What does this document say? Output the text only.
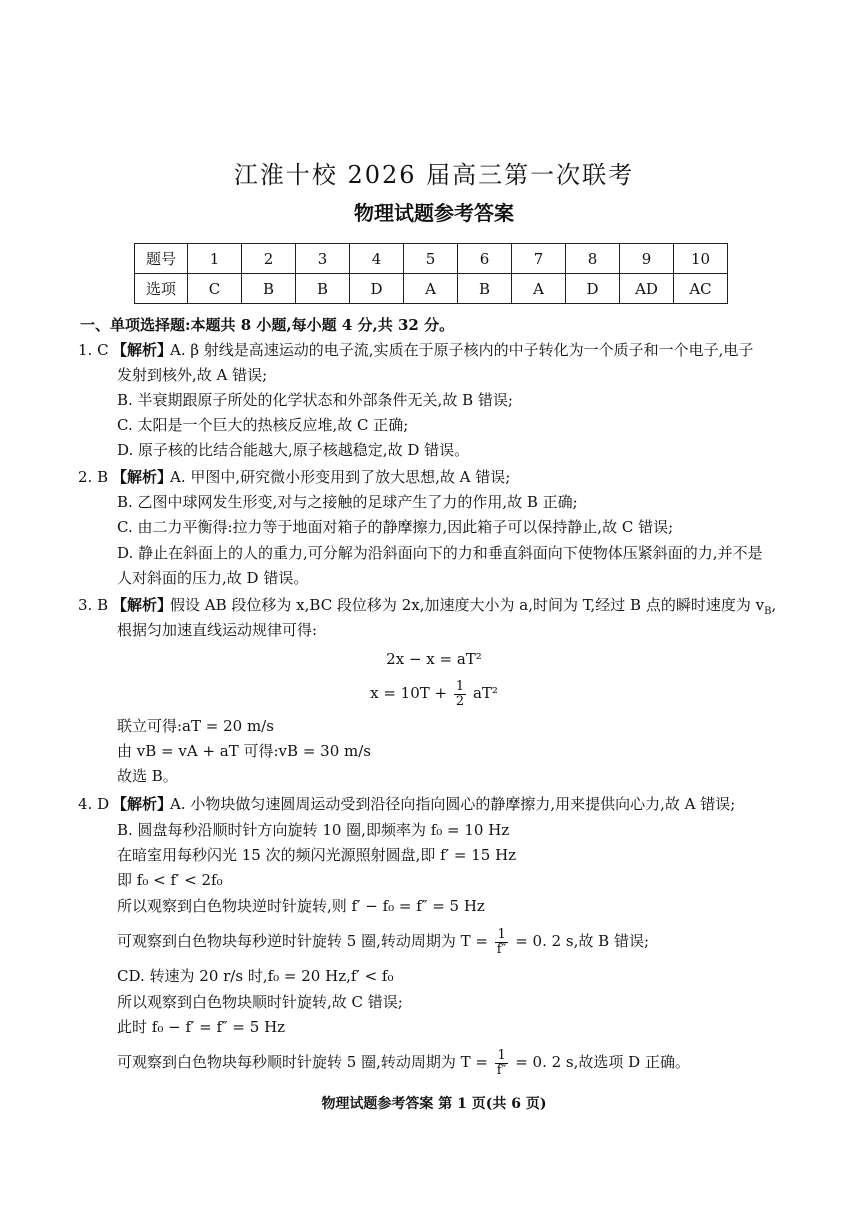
江淮十校 2026 届高三第一次联考
物理试题参考答案
题号	1	2	3	4	5	6	7	8	9	10
选项	C	B	B	D	A	B	A	D	AD	AC
一、单项选择题:本题共 8 小题,每小题 4 分,共 32 分。
1. C 【解析】
A. β 射线是高速运动的电子流,实质在于原子核内的中子转化为一个质子和一个电子,电子
发射到核外,故 A 错误;
B. 半衰期跟原子所处的化学状态和外部条件无关,故 B 错误;
C. 太阳是一个巨大的热核反应堆,故 C 正确;
D. 原子核的比结合能越大,原子核越稳定,故 D 错误。
2. B 【解析】
A. 甲图中,研究微小形变用到了放大思想,故 A 错误;
B. 乙图中球网发生形变,对与之接触的足球产生了力的作用,故 B 正确;
C. 由二力平衡得:拉力等于地面对箱子的静摩擦力,因此箱子可以保持静止,故 C 错误;
D. 静止在斜面上的人的重力,可分解为沿斜面向下的力和垂直斜面向下使物体压紧斜面的力,并不是
人对斜面的压力,故 D 错误。
3. B 【解析】
假设 AB 段位移为 x,BC 段位移为 2x,加速度大小为 a,时间为 T,经过 B 点的瞬时速度为 $v_B$,
根据匀加速直线运动规律可得:
2x − x = aT²
$x = 10T + \frac{1}{2} aT^2$
联立可得:aT = 20 m/s
由 vB = vA + aT 可得:vB = 30 m/s
故选 B。
4. D 【解析】
A. 小物块做匀速圆周运动受到沿径向指向圆心的静摩擦力,用来提供向心力,故 A 错误;
B. 圆盘每秒沿顺时针方向旋转 10 圈,即频率为 f₀ = 10 Hz
在暗室用每秒闪光 15 次的频闪光源照射圆盘,即 f′ = 15 Hz
即 f₀ < f′ < 2f₀
所以观察到白色物块逆时针旋转,则 f′ − f₀ = f″ = 5 Hz
可观察到白色物块每秒逆时针旋转 5 圈,转动周期为 $T = \frac{1}{f''} = 0$. 2 s,故 B 错误;
CD. 转速为 20 r/s 时,f₀ = 20 Hz,f′ < f₀
所以观察到白色物块顺时针旋转,故 C 错误;
此时 f₀ − f′ = f″ = 5 Hz
可观察到白色物块每秒顺时针旋转 5 圈,转动周期为 $T = \frac{1}{f''} = 0$. 2 s,故选项 D 正确。
物理试题参考答案 第 1 页(共 6 页)
